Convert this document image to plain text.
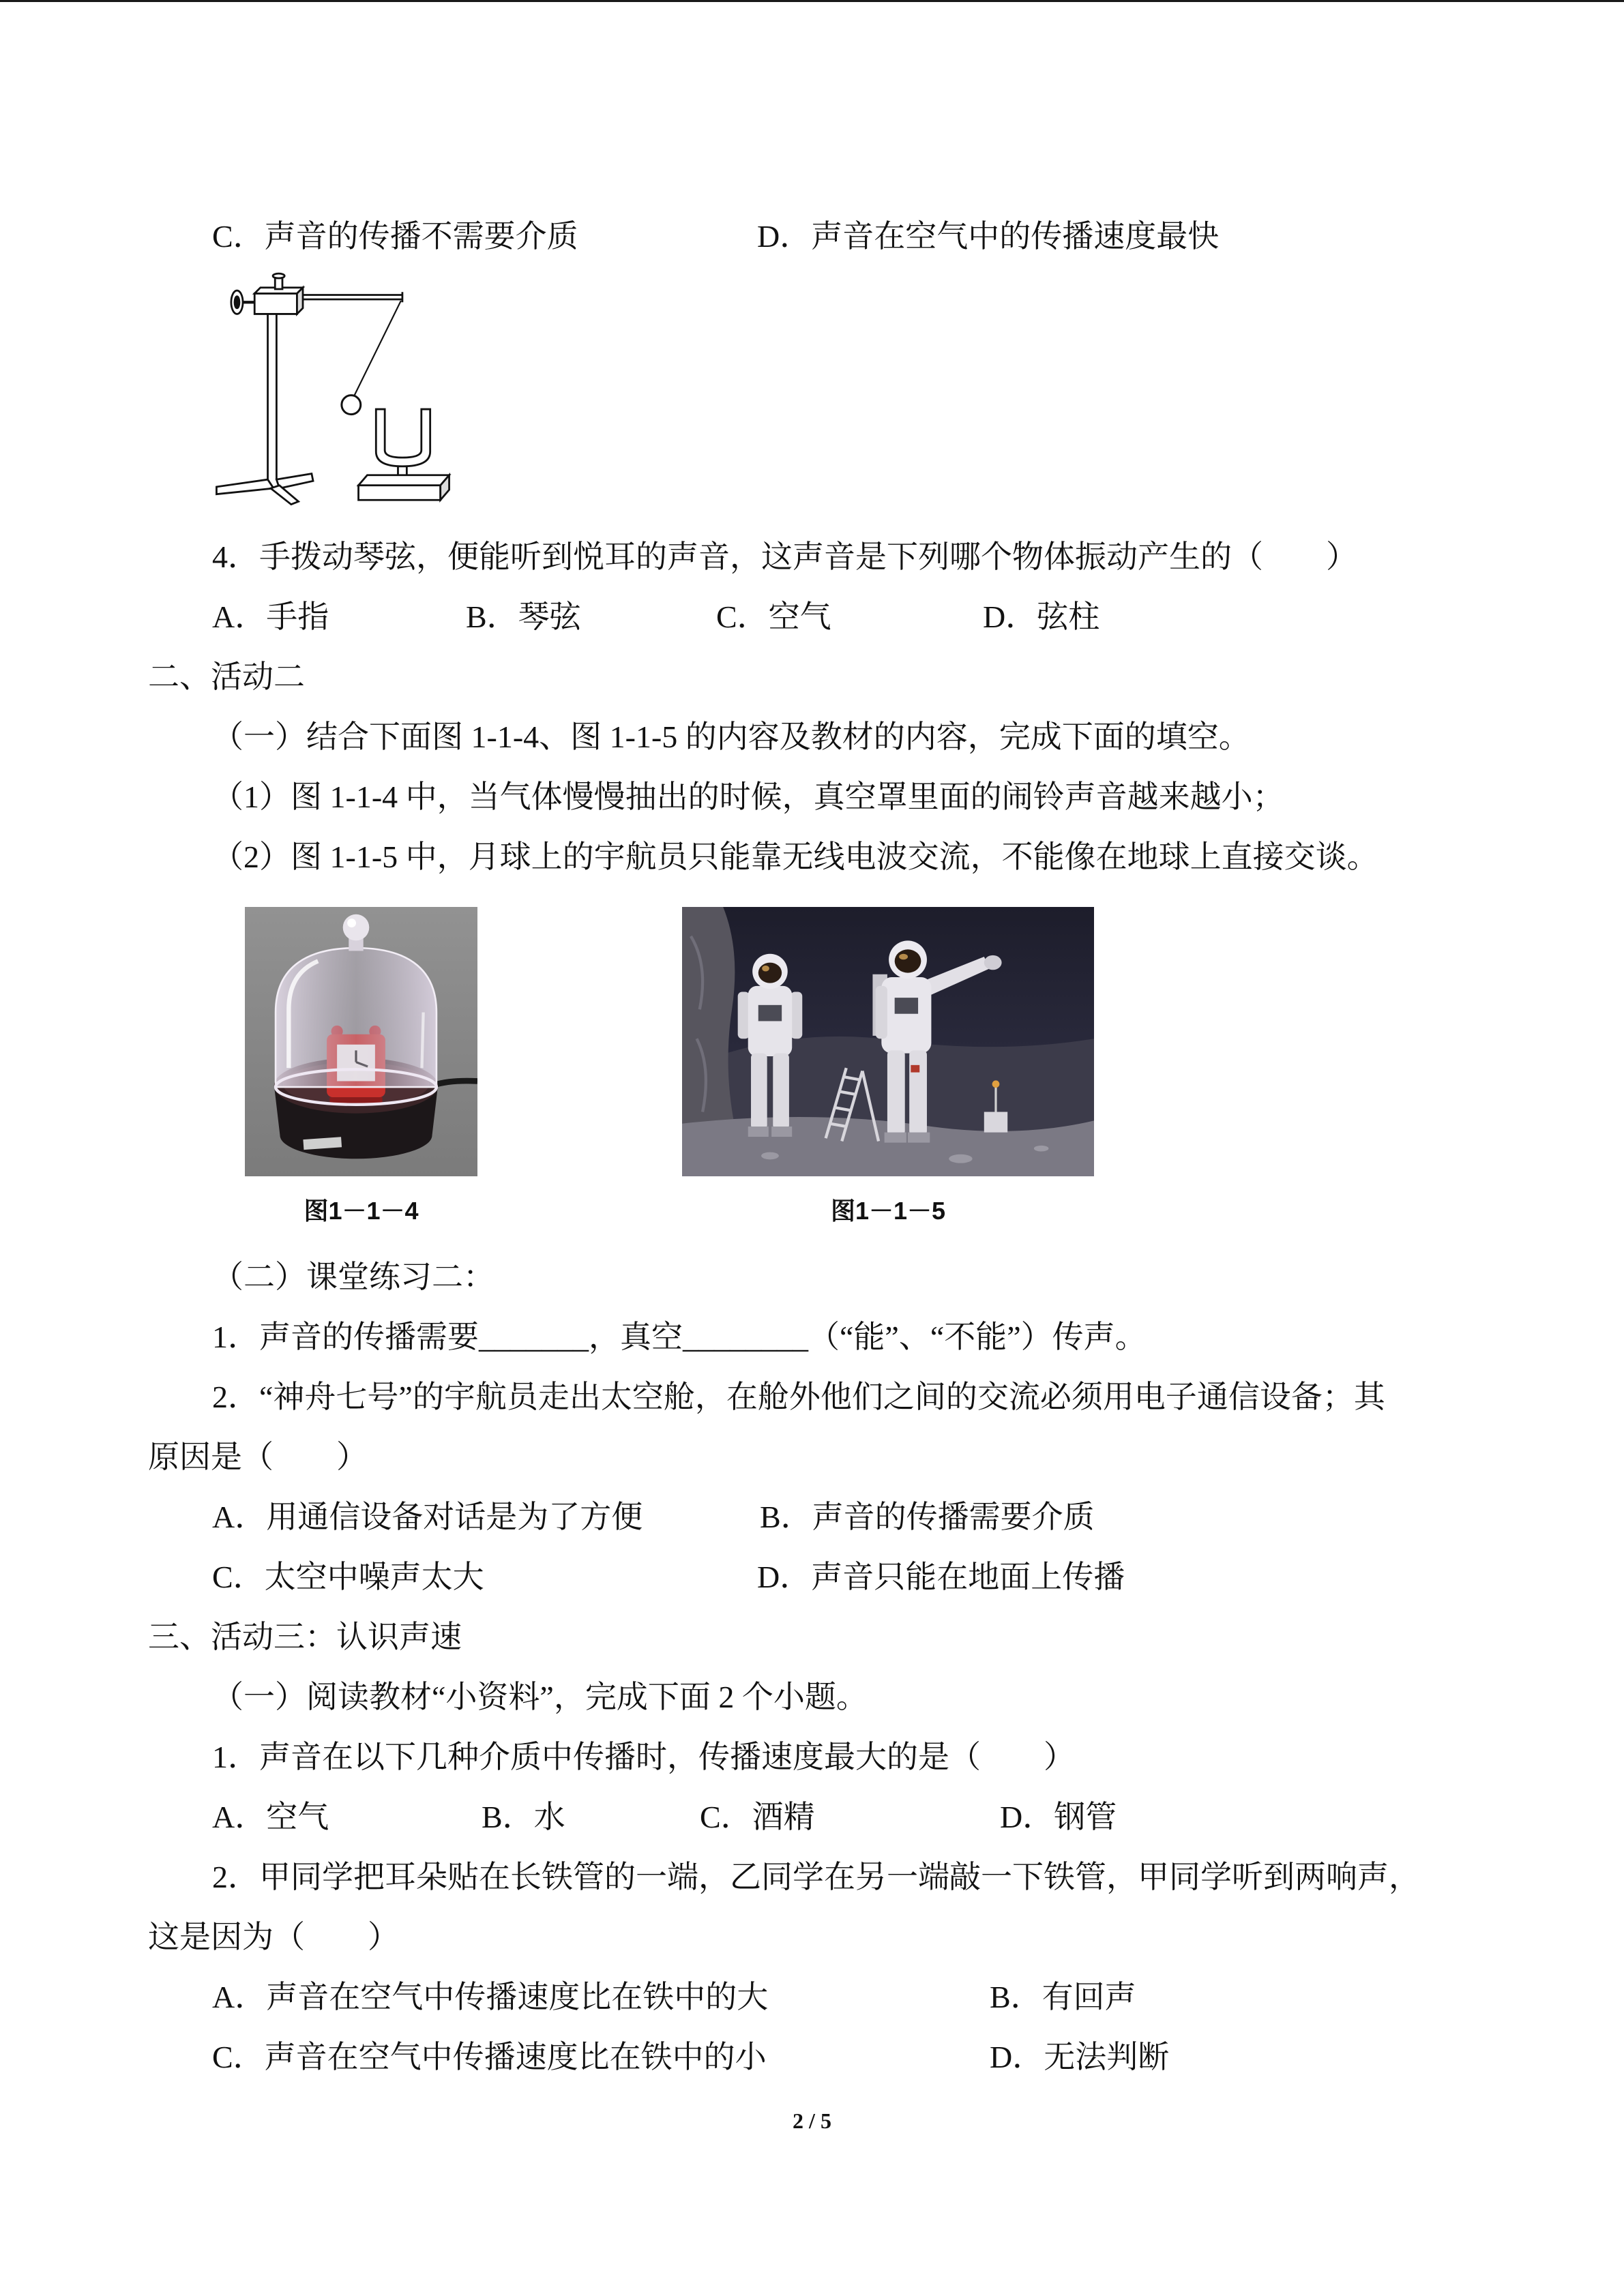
C．声音的传播不需要介质	D．声音在空气中的传播速度最快
4．手拨动琴弦，便能听到悦耳的声音，这声音是下列哪个物体振动产生的（　　）
A．手指	B．琴弦	C．空气	D．弦柱
二、活动二
（一）结合下面图 1-1-4、图 1-1-5 的内容及教材的内容，完成下面的填空。
（1）图 1-1-4 中，当气体慢慢抽出的时候，真空罩里面的闹铃声音越来越小；
（2）图 1-1-5 中，月球上的宇航员只能靠无线电波交流，不能像在地球上直接交谈。
图1－1－4	图1－1－5
（二）课堂练习二：
1．声音的传播需要_______，真空________（“能”、“不能”）传声。
2．“神舟七号”的宇航员走出太空舱，在舱外他们之间的交流必须用电子通信设备；其
原因是（　　）
A．用通信设备对话是为了方便	B．声音的传播需要介质
C．太空中噪声太大	D．声音只能在地面上传播
三、活动三：认识声速
（一）阅读教材“小资料”，完成下面 2 个小题。
1．声音在以下几种介质中传播时，传播速度最大的是（　　）
A．空气	B．水	C．酒精	D．钢管
2．甲同学把耳朵贴在长铁管的一端，乙同学在另一端敲一下铁管，甲同学听到两响声，
这是因为（　　）
A．声音在空气中传播速度比在铁中的大	B．有回声
C．声音在空气中传播速度比在铁中的小	D．无法判断
2 / 5
